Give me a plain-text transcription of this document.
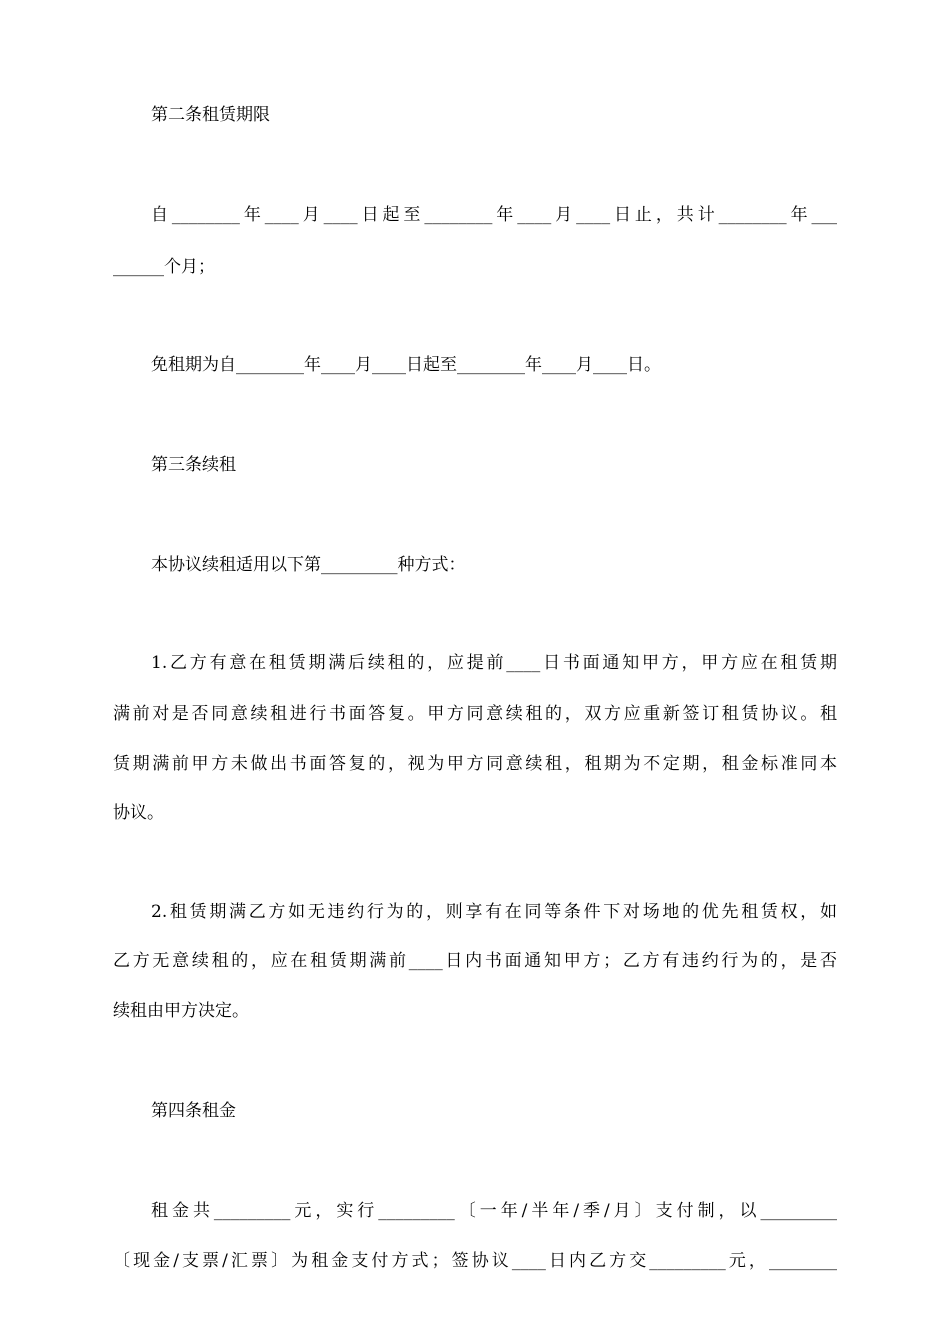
第二条租赁期限
自________年____月____日起至________年____月____日止，共计________年___
______个月；
免租期为自________年____月____日起至________年____月____日。
第三条续租
本协议续租适用以下第_________种方式：
1.乙方有意在租赁期满后续租的，应提前____日书面通知甲方，甲方应在租赁期
满前对是否同意续租进行书面答复。甲方同意续租的，双方应重新签订租赁协议。租
赁期满前甲方未做出书面答复的，视为甲方同意续租，租期为不定期，租金标准同本
协议。
2.租赁期满乙方如无违约行为的，则享有在同等条件下对场地的优先租赁权，如
乙方无意续租的，应在租赁期满前____日内书面通知甲方；乙方有违约行为的，是否
续租由甲方决定。
第四条租金
租金共_________元，实行_________〔一年/半年/季/月〕支付制，以_________
〔现金/支票/汇票〕为租金支付方式；签协议____日内乙方交_________元，________
